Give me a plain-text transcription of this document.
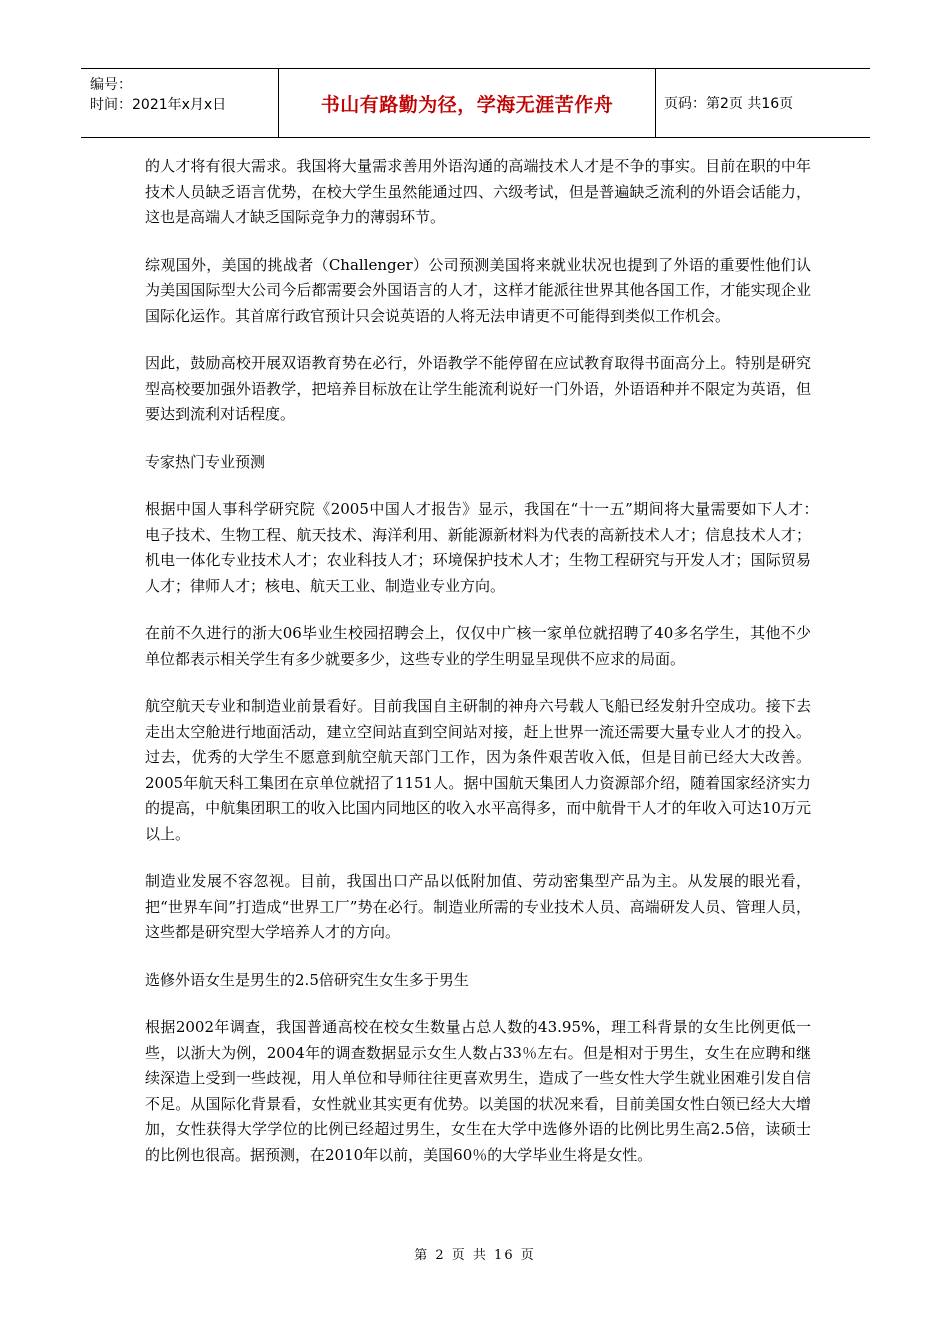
编号：
时间：2021年x月x日	书山有路勤为径，学海无涯苦作舟	页码：第2页 共16页

的人才将有很大需求。我国将大量需求善用外语沟通的高端技术人才是不争的事实。目前在职的中年技术人员缺乏语言优势，在校大学生虽然能通过四、六级考试，但是普遍缺乏流利的外语会话能力，这也是高端人才缺乏国际竞争力的薄弱环节。

综观国外，美国的挑战者（Challenger）公司预测美国将来就业状况也提到了外语的重要性他们认为美国国际型大公司今后都需要会外国语言的人才，这样才能派往世界其他各国工作，才能实现企业国际化运作。其首席行政官预计只会说英语的人将无法申请更不可能得到类似工作机会。

因此，鼓励高校开展双语教育势在必行，外语教学不能停留在应试教育取得书面高分上。特别是研究型高校要加强外语教学，把培养目标放在让学生能流利说好一门外语，外语语种并不限定为英语，但要达到流利对话程度。

专家热门专业预测

根据中国人事科学研究院《2005中国人才报告》显示，我国在“十一五”期间将大量需要如下人才：　电子技术、生物工程、航天技术、海洋利用、新能源新材料为代表的高新技术人才；信息技术人才；机电一体化专业技术人才；农业科技人才；环境保护技术人才；生物工程研究与开发人才；国际贸易人才；律师人才；核电、航天工业、制造业专业方向。

在前不久进行的浙大06毕业生校园招聘会上，仅仅中广核一家单位就招聘了40多名学生，其他不少单位都表示相关学生有多少就要多少，这些专业的学生明显呈现供不应求的局面。

航空航天专业和制造业前景看好。目前我国自主研制的神舟六号载人飞船已经发射升空成功。接下去走出太空舱进行地面活动，建立空间站直到空间站对接，赶上世界一流还需要大量专业人才的投入。过去，优秀的大学生不愿意到航空航天部门工作，因为条件艰苦收入低，但是目前已经大大改善。2005年航天科工集团在京单位就招了1151人。据中国航天集团人力资源部介绍，随着国家经济实力的提高，中航集团职工的收入比国内同地区的收入水平高得多，而中航骨干人才的年收入可达10万元以上。

制造业发展不容忽视。目前，我国出口产品以低附加值、劳动密集型产品为主。从发展的眼光看，把“世界车间”打造成“世界工厂”势在必行。制造业所需的专业技术人员、高端研发人员、管理人员，这些都是研究型大学培养人才的方向。

选修外语女生是男生的2.5倍研究生女生多于男生

根据2002年调查，我国普通高校在校女生数量占总人数的43.95%，理工科背景的女生比例更低一些，以浙大为例，2004年的调查数据显示女生人数占33％左右。但是相对于男生，女生在应聘和继续深造上受到一些歧视，用人单位和导师往往更喜欢男生，造成了一些女性大学生就业困难引发自信不足。从国际化背景看，女性就业其实更有优势。以美国的状况来看，目前美国女性白领已经大大增加，女性获得大学学位的比例已经超过男生，女生在大学中选修外语的比例比男生高2.5倍，读硕士的比例也很高。据预测，在2010年以前，美国60％的大学毕业生将是女性。

第 2 页 共 16 页
